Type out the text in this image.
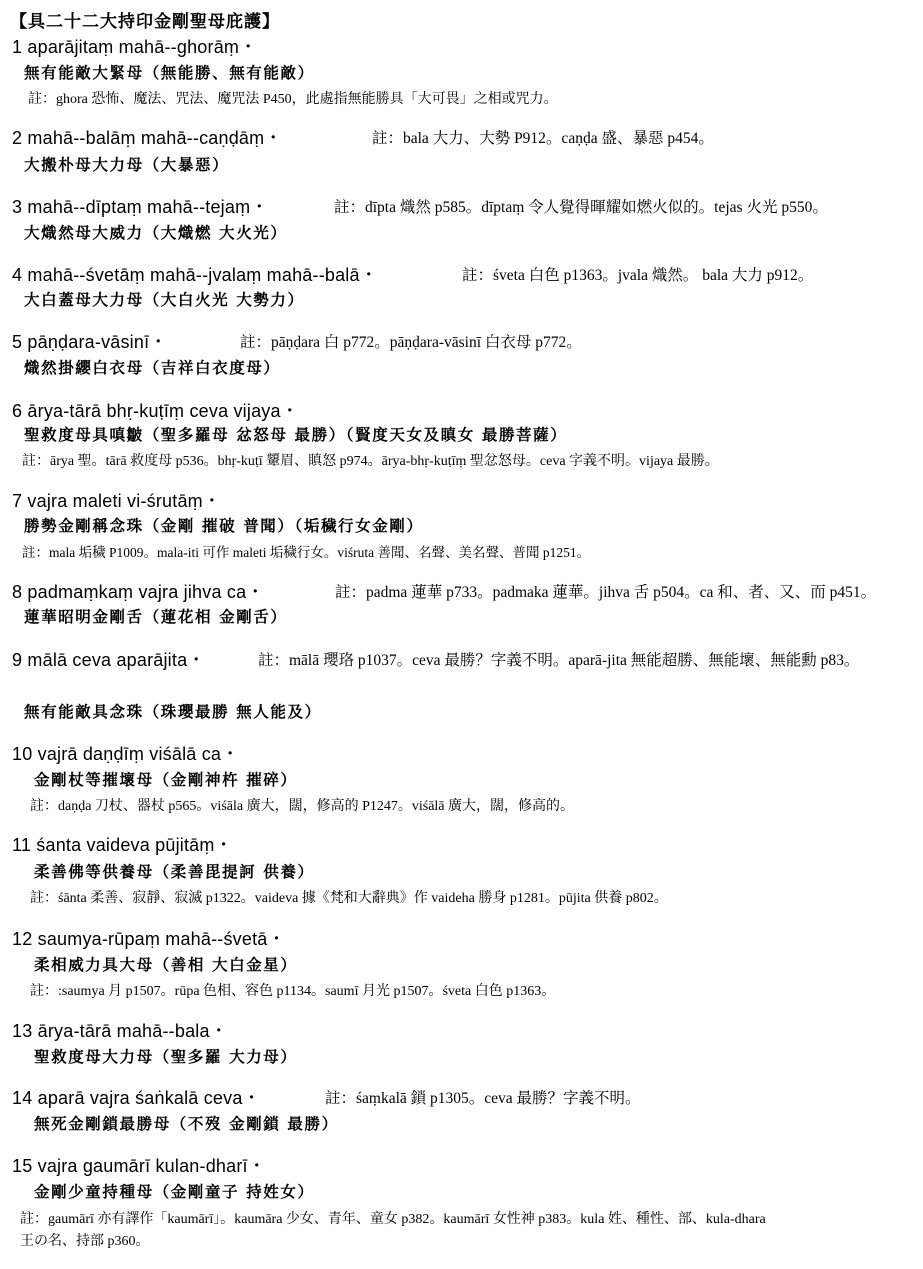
【具二十二大持印金剛聖母庇護】
1 aparājitaṃ mahā--ghorāṃ・
無有能敵大緊母（無能勝、無有能敵）
註：ghora 恐怖、魔法、咒法、魔咒法 P450，此處指無能勝具「大可畏」之相或咒力。
2 mahā--balāṃ mahā--caṇḍāṃ・	註：bala 大力、大勢 P912。caṇḍa 盛、暴惡 p454。
大搬朴母大力母（大暴惡）
3 mahā--dīptaṃ mahā--tejaṃ・	註：dīpta 熾然 p585。dīptaṃ 令人覺得暉耀如燃火似的。tejas 火光 p550。
大熾然母大威力（大熾燃 大火光）
4 mahā--śvetāṃ mahā--jvalaṃ mahā--balā・	註：śveta 白色 p1363。jvala 熾然。 bala 大力 p912。
大白蓋母大力母（大白火光 大勢力）
5 pāṇḍara-vāsinī・	註：pāṇḍara 白 p772。pāṇḍara-vāsinī 白衣母 p772。
熾然掛纓白衣母（吉祥白衣度母）
6 ārya-tārā bhṛ-kuṭīṃ ceva vijaya・
聖救度母具嗔皺（聖多羅母 忿怒母 最勝）（賢度天女及瞋女 最勝菩薩）
註：ārya 聖。tārā 救度母 p536。bhṛ-kuṭī 顰眉、瞋怒 p974。ārya-bhṛ-kuṭīṃ 聖忿怒母。ceva 字義不明。vijaya 最勝。
7 vajra maleti vi-śrutāṃ・
勝勢金剛稱念珠（金剛 摧破 普聞）（垢穢行女金剛）
註：mala 垢穢 P1009。mala-iti 可作 maleti 垢穢行女。viśruta 善聞、名聲、美名聲、普聞 p1251。
8 padmaṃkaṃ vajra jihva ca・	註：padma 蓮華 p733。padmaka 蓮華。jihva 舌 p504。ca 和、者、又、而 p451。
蓮華昭明金剛舌（蓮花相 金剛舌）
9 mālā ceva aparājita・	註：mālā 瓔珞 p1037。ceva 最勝？字義不明。aparā-jita 無能超勝、無能壞、無能勳 p83。
無有能敵具念珠（珠瓔最勝 無人能及）
10 vajrā daṇḍīṃ viśālā ca・
金剛杖等摧壞母（金剛神杵 摧碎）
註：daṇḍa 刀杖、器杖 p565。viśāla 廣大，闊，修高的 P1247。viśālā 廣大，闊，修高的。
11 śanta vaideva pūjitāṃ・
柔善佛等供養母（柔善毘提訶 供養）
註：śānta 柔善、寂靜、寂滅 p1322。vaideva 據《梵和大辭典》作 vaideha 勝身 p1281。pūjita 供養 p802。
12 saumya-rūpaṃ mahā--śvetā・
柔相威力具大母（善相 大白金星）
註：:saumya 月 p1507。rūpa 色相、容色 p1134。saumī 月光 p1507。śveta 白色 p1363。
13 ārya-tārā mahā--bala・
聖救度母大力母（聖多羅 大力母）
14 aparā vajra śaṅkalā ceva・	註：śaṃkalā 鎖 p1305。ceva 最勝？字義不明。
無死金剛鎖最勝母（不歿 金剛鎖 最勝）
15 vajra gaumārī kulan-dharī・
金剛少童持種母（金剛童子 持姓女）
註：gaumārī 亦有譯作「kaumārī」。kaumāra 少女、青年、童女 p382。kaumārī 女性神 p383。kula 姓、種性、部、kula-dhara
王の名、持部 p360。
